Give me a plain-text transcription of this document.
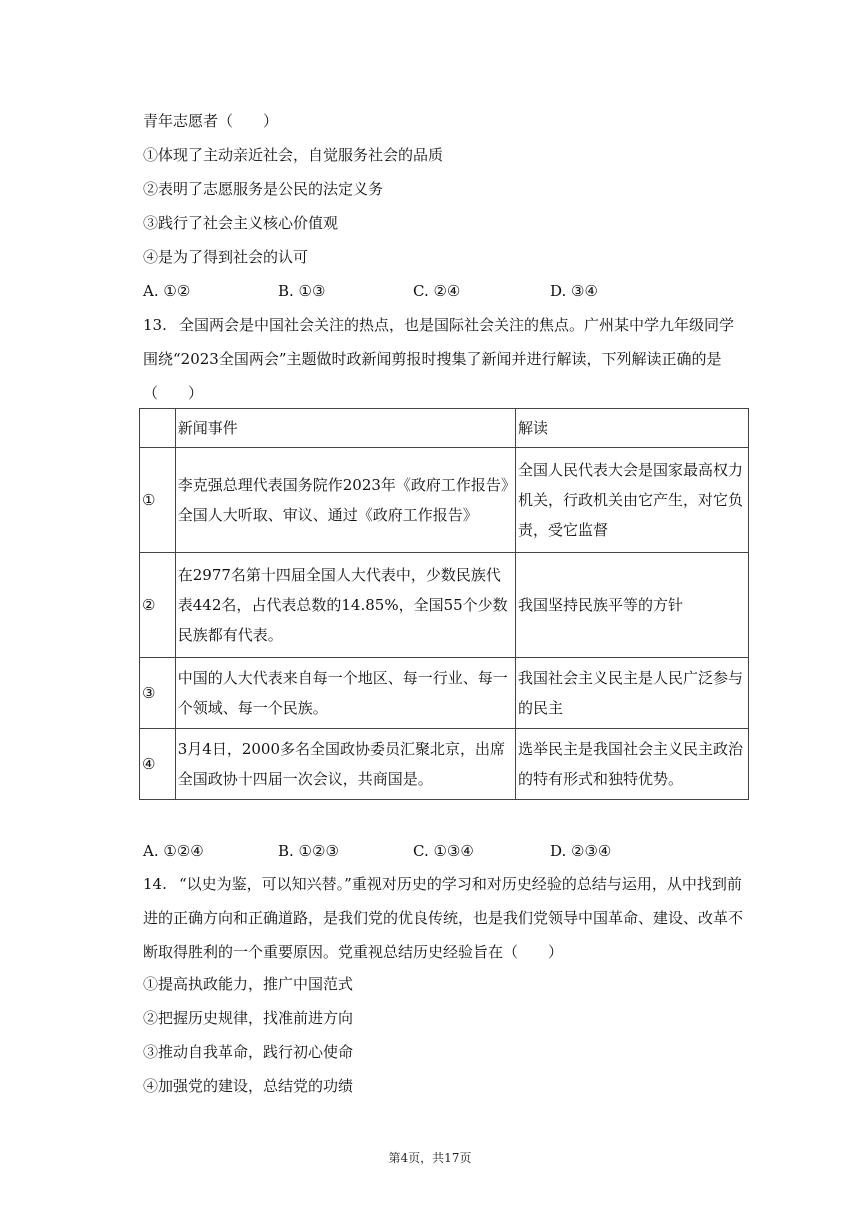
青年志愿者（　　）
①体现了主动亲近社会，自觉服务社会的品质
②表明了志愿服务是公民的法定义务
③践行了社会主义核心价值观
④是为了得到社会的认可
A. ①②	B. ①③	C. ②④	D. ③④
13. 全国两会是中国社会关注的热点，也是国际社会关注的焦点。广州某中学九年级同学围绕“2023全国两会”主题做时政新闻剪报时搜集了新闻并进行解读，下列解读正确的是（　　）
	新闻事件	解读
①	李克强总理代表国务院作2023年《政府工作报告》全国人大听取、审议、通过《政府工作报告》	全国人民代表大会是国家最高权力机关，行政机关由它产生，对它负责，受它监督
②	在2977名第十四届全国人大代表中，少数民族代表442名，占代表总数的14.85%，全国55个少数民族都有代表。	我国坚持民族平等的方针
③	中国的人大代表来自每一个地区、每一行业、每一个领域、每一个民族。	我国社会主义民主是人民广泛参与的民主
④	3月4日，2000多名全国政协委员汇聚北京，出席全国政协十四届一次会议，共商国是。	选举民主是我国社会主义民主政治的特有形式和独特优势。
A. ①②④	B. ①②③	C. ①③④	D. ②③④
14. “以史为鉴，可以知兴替。”重视对历史的学习和对历史经验的总结与运用，从中找到前进的正确方向和正确道路，是我们党的优良传统，也是我们党领导中国革命、建设、改革不断取得胜利的一个重要原因。党重视总结历史经验旨在（　　）
①提高执政能力，推广中国范式
②把握历史规律，找准前进方向
③推动自我革命，践行初心使命
④加强党的建设，总结党的功绩
第4页，共17页
